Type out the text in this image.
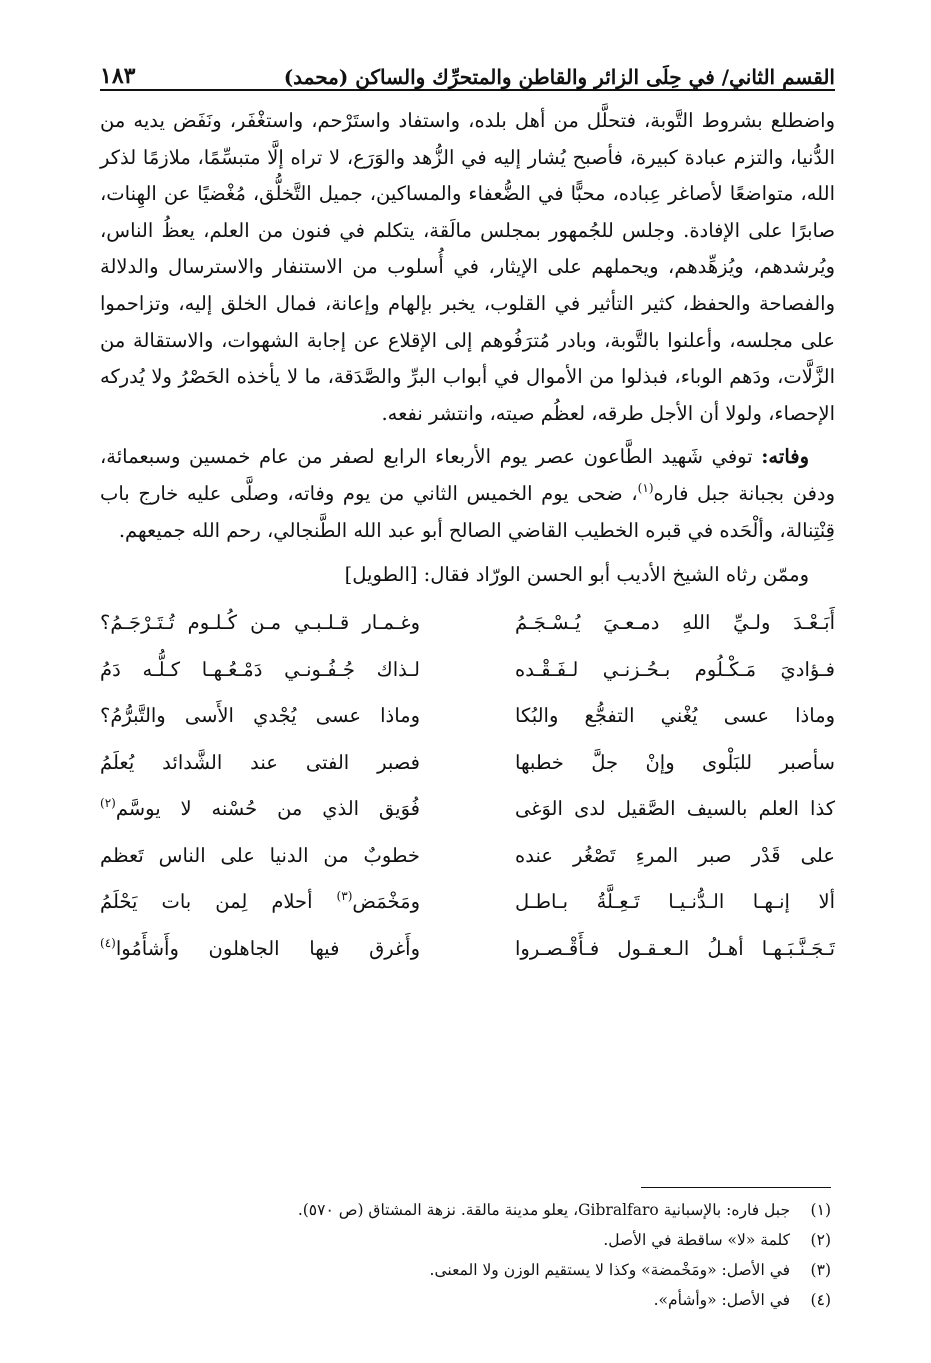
القسم الثاني/ في حِلَى الزائر والقاطن والمتحرِّك والساكن (محمد)
١٨٣

واضطلع بشروط التَّوبة، فتحلَّل من أهل بلده، واستفاد واستَرْحم، واستغْفَر، ونَفَض يديه من الدُّنيا، والتزم عبادة كبيرة، فأصبح يُشار إليه في الزُّهد والوَرَع، لا تراه إلَّا متبسِّمًا، ملازمًا لذكر الله، متواضعًا لأصاغر عِباده، محبًّا في الضُّعفاء والمساكين، جميل التَّخلُّق، مُغْضيًا عن الهِنات، صابرًا على الإفادة. وجلس للجُمهور بمجلس مالَقة، يتكلم في فنون من العلم، يعظُ الناس، ويُرشدهم، ويُزهِّدهم، ويحملهم على الإيثار، في أُسلوب من الاستنفار والاسترسال والدلالة والفصاحة والحفظ، كثير التأثير في القلوب، يخبر بإلهام وإعانة، فمال الخلق إليه، وتزاحموا على مجلسه، وأعلنوا بالتَّوبة، وبادر مُترَفُوهم إلى الإقلاع عن إجابة الشهوات، والاستقالة من الزَّلَّات، ودَهم الوباء، فبذلوا من الأموال في أبواب البرِّ والصَّدَقة، ما لا يأخذه الحَصْرُ ولا يُدركه الإحصاء، ولولا أن الأجل طرقه، لعظُم صيته، وانتشر نفعه.

وفاته: توفي شَهيد الطَّاعون عصر يوم الأربعاء الرابع لصفر من عام خمسين وسبعمائة، ودفن بجبانة جبل فاره$^{(١)}$، ضحى يوم الخميس الثاني من يوم وفاته، وصلَّى عليه خارج باب قِنْتِنالة، وألْحَده في قبره الخطيب القاضي الصالح أبو عبد الله الطَّنجالي، رحم الله جميعهم.

وممّن رثاه الشيخ الأديب أبو الحسن الورّاد فقال: [الطويل]

أَبَـعْـدَ ولـيِّ اللهِ دمـعـيَ يُـسْـجَـمُ
وغـمـار قـلـبـي مـن كُـلـوم تُـتَـرْجَـمُ؟
فـؤاديَ مَـكْـلُوم بـحُـزنـي لـفَـقْـده
لـذاك جُـفُـونـي دَمْـعُـهـا كـلُّـه دَمُ
وماذا عسى يُغْني التفجُّع والبُكا
وماذا عسى يُجْدي الأَسى والتَّبرُّمُ؟
سأصبر للبَلْوى وإنْ جلَّ خطبها
فصبر الفتى عند الشَّدائد يُعلَمُ
كذا العلم بالسيف الصَّقيل لدى الوَغى
فُوَيق الذي من حُسْنه لا يوسَّم$^{(٢)}$
على قَدْر صبر المرءِ تَصْغُر عنده
خطوبٌ من الدنيا على الناس تَعظم
ألا إنـهـا الـدُّنـيـا تَـعِـلَّةُ بـاطـل
ومَخْمَض$^{(٣)}$ أحلام لِمن بات يَحْلَمُ
تَـجَـنَّـبَـهـا أهـلُ الـعـقـول فـأَقْـصـروا
وأَغرق فيها الجاهلون وأَشأَمُوا$^{(٤)}$
(١) جبل فاره: بالإسبانية Gibralfaro، يعلو مدينة مالقة. نزهة المشتاق (ص ٥٧٠).
(٢) كلمة «لا» ساقطة في الأصل.
(٣) في الأصل: «ومَخْمضة» وكذا لا يستقيم الوزن ولا المعنى.
(٤) في الأصل: «وأشأم».
